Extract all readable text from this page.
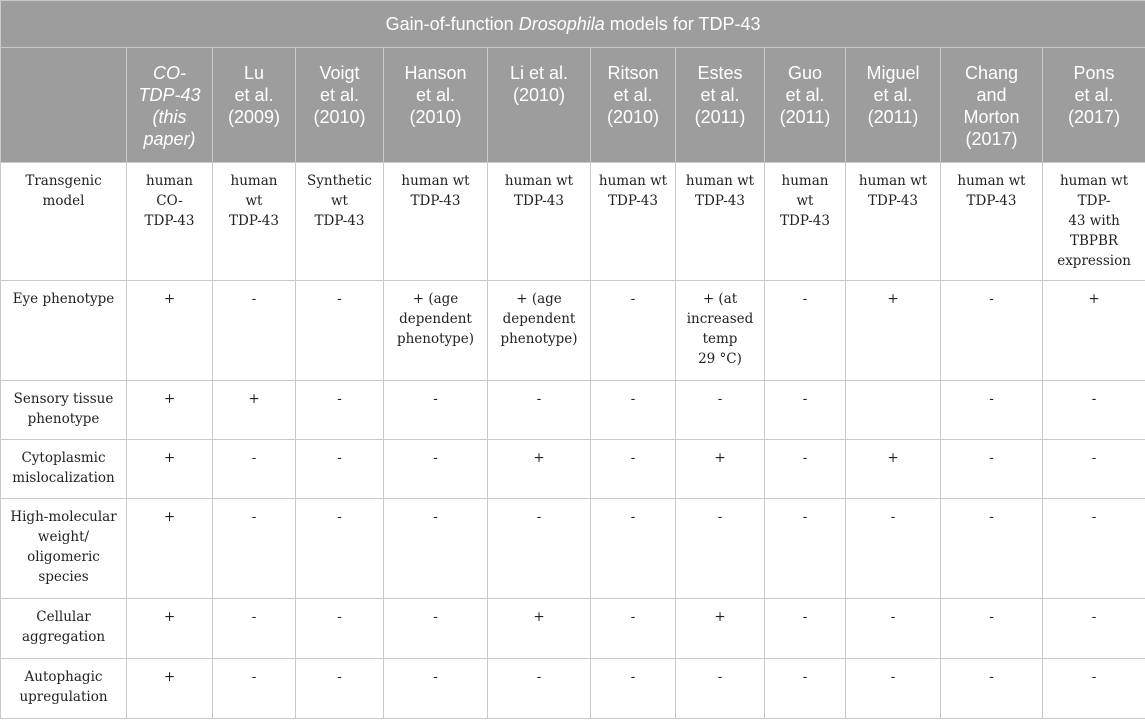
Gain-of-function Drosophila models for TDP-43											
	CO-
TDP-43
(this
paper)	Lu
et al.
(2009)	Voigt
et al.
(2010)	Hanson
et al.
(2010)	Li et al.
(2010)	Ritson
et al.
(2010)	Estes
et al.
(2011)	Guo
et al.
(2011)	Miguel
et al.
(2011)	Chang
and
Morton
(2017)	Pons
et al.
(2017)
Transgenic
model	human
CO-
TDP-43	human
wt
TDP-43	Synthetic
wt
TDP-43	human wt
TDP-43	human wt
TDP-43	human wt
TDP-43	human wt
TDP-43	human
wt
TDP-43	human wt
TDP-43	human wt
TDP-43	human wt
TDP-
43 with
TBPBR
expression
Eye phenotype	+	-	-	+ (age
dependent
phenotype)	+ (age
dependent
phenotype)	-	+ (at
increased
temp
29 °C)	-	+	-	+
Sensory tissue
phenotype	+	+	-	-	-	-	-	-		-	-
Cytoplasmic
mislocalization	+	-	-	-	+	-	+	-	+	-	-
High-molecular
weight/
oligomeric
species	+	-	-	-	-	-	-	-	-	-	-
Cellular
aggregation	+	-	-	-	+	-	+	-	-	-	-
Autophagic
upregulation	+	-	-	-	-	-	-	-	-	-	-
